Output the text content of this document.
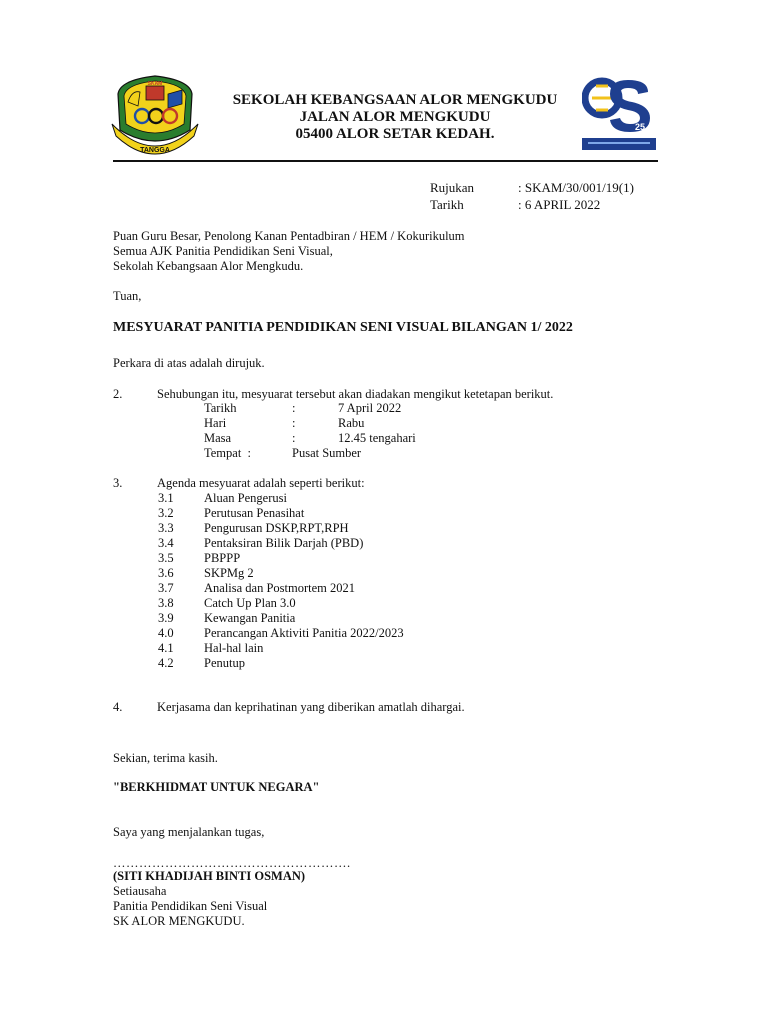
TANGGA
SKAM
SEKOLAH KEBANGSAAN ALOR MENGKUDU
JALAN ALOR MENGKUDU
05400 ALOR SETAR KEDAH.	25
Rujukan	: SKAM/30/001/19(1)
Tarikh	: 6 APRIL 2022
Puan Guru Besar, Penolong Kanan Pentadbiran / HEM / Kokurikulum
Semua AJK Panitia Pendidikan Seni Visual,
Sekolah Kebangsaan Alor Mengkudu.
Tuan,
MESYUARAT PANITIA PENDIDIKAN SENI VISUAL BILANGAN 1/ 2022
Perkara di atas adalah dirujuk.
2.	Sehubungan itu, mesyuarat tersebut akan diadakan mengikut ketetapan berikut.
Tarikh	:	7 April 2022
Hari	:	Rabu
Masa	:	12.45 tengahari
Tempat  :	Pusat Sumber
3.	Agenda mesyuarat adalah seperti berikut:
3.1 Aluan Pengerusi
3.2 Perutusan Penasihat
3.3 Pengurusan DSKP,RPT,RPH
3.4 Pentaksiran Bilik Darjah (PBD)
3.5 PBPPP
3.6 SKPMg 2
3.7 Analisa dan Postmortem 2021
3.8 Catch Up Plan 3.0
3.9 Kewangan Panitia
4.0 Perancangan Aktiviti Panitia 2022/2023
4.1 Hal-hal lain
4.2 Penutup
4.	Kerjasama dan keprihatinan yang diberikan amatlah dihargai.
Sekian, terima kasih.
"BERKHIDMAT UNTUK NEGARA"
Saya yang menjalankan tugas,
……………………………………………….
(SITI KHADIJAH BINTI OSMAN)
Setiausaha
Panitia Pendidikan Seni Visual
SK ALOR MENGKUDU.
